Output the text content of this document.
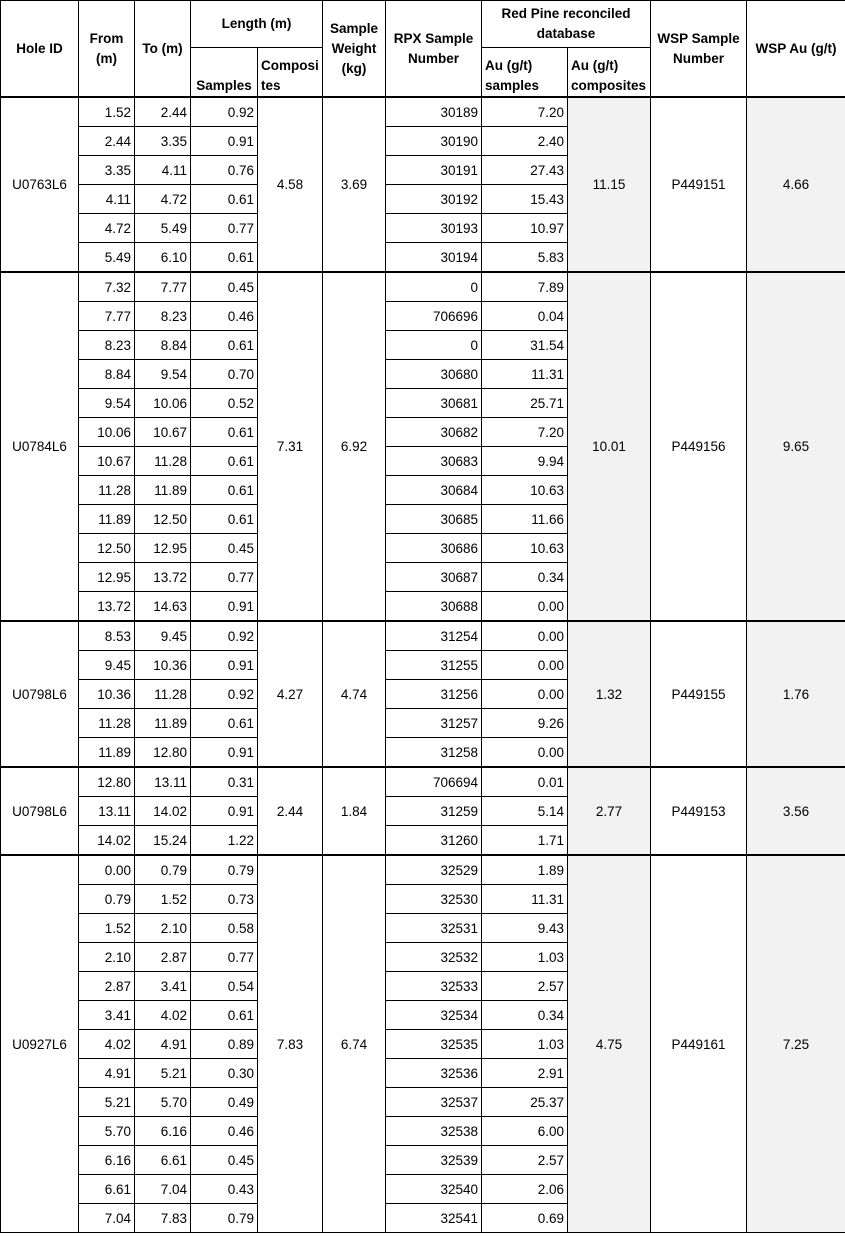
Hole ID	From (m)	To (m)	Length (m)		Sample Weight (kg)	RPX Sample Number	Red Pine reconciled database		WSP Sample Number	WSP Au (g/t)
			Samples	Composi tes			Au (g/t) samples	Au (g/t) composites		
U0763L6	1.52	2.44	0.92	4.58	3.69	30189	7.20	11.15	P449151	4.66
	2.44	3.35	0.91			30190	2.40			
	3.35	4.11	0.76			30191	27.43			
	4.11	4.72	0.61			30192	15.43			
	4.72	5.49	0.77			30193	10.97			
	5.49	6.10	0.61			30194	5.83			
U0784L6	7.32	7.77	0.45	7.31	6.92	0	7.89	10.01	P449156	9.65
	7.77	8.23	0.46			706696	0.04			
	8.23	8.84	0.61			0	31.54			
	8.84	9.54	0.70			30680	11.31			
	9.54	10.06	0.52			30681	25.71			
	10.06	10.67	0.61			30682	7.20			
	10.67	11.28	0.61			30683	9.94			
	11.28	11.89	0.61			30684	10.63			
	11.89	12.50	0.61			30685	11.66			
	12.50	12.95	0.45			30686	10.63			
	12.95	13.72	0.77			30687	0.34			
	13.72	14.63	0.91			30688	0.00			
U0798L6	8.53	9.45	0.92	4.27	4.74	31254	0.00	1.32	P449155	1.76
	9.45	10.36	0.91			31255	0.00			
	10.36	11.28	0.92			31256	0.00			
	11.28	11.89	0.61			31257	9.26			
	11.89	12.80	0.91			31258	0.00			
U0798L6	12.80	13.11	0.31	2.44	1.84	706694	0.01	2.77	P449153	3.56
	13.11	14.02	0.91			31259	5.14			
	14.02	15.24	1.22			31260	1.71			
U0927L6	0.00	0.79	0.79	7.83	6.74	32529	1.89	4.75	P449161	7.25
	0.79	1.52	0.73			32530	11.31			
	1.52	2.10	0.58			32531	9.43			
	2.10	2.87	0.77			32532	1.03			
	2.87	3.41	0.54			32533	2.57			
	3.41	4.02	0.61			32534	0.34			
	4.02	4.91	0.89			32535	1.03			
	4.91	5.21	0.30			32536	2.91			
	5.21	5.70	0.49			32537	25.37			
	5.70	6.16	0.46			32538	6.00			
	6.16	6.61	0.45			32539	2.57			
	6.61	7.04	0.43			32540	2.06			
	7.04	7.83	0.79			32541	0.69			
